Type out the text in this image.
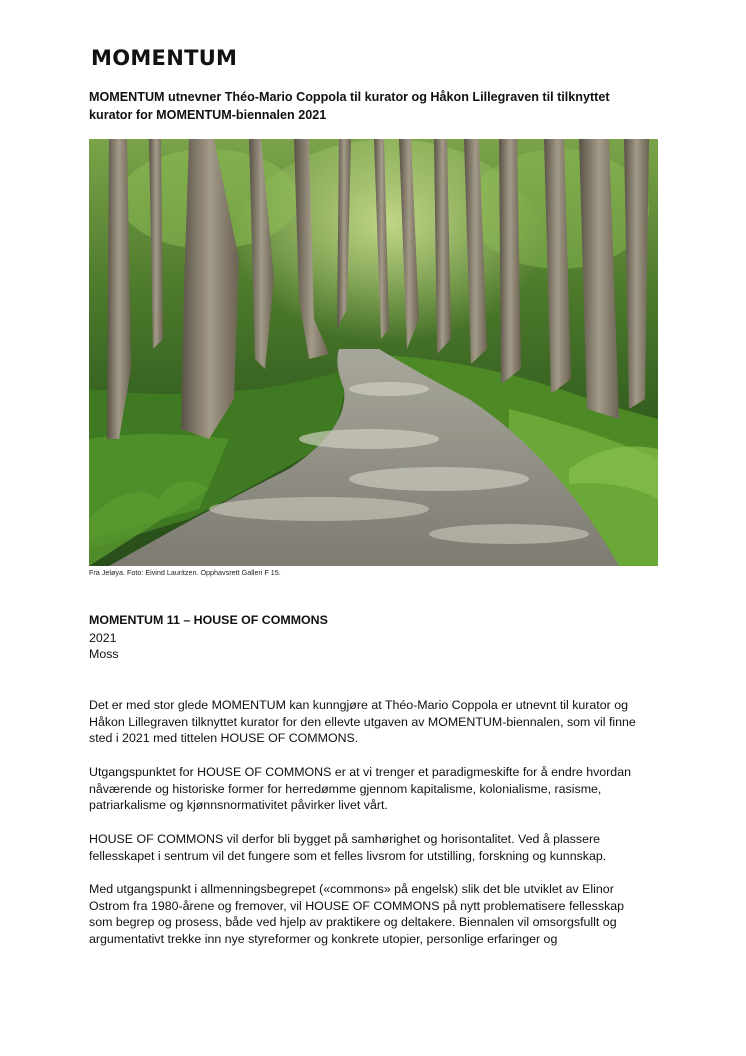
MOMENTUM
MOMENTUM utnevner Théo-Mario Coppola til kurator og Håkon Lillegraven til tilknyttet kurator for MOMENTUM-biennalen 2021
Fra Jeløya. Foto: Eivind Lauritzen. Opphavsrett Galleri F 15.
MOMENTUM 11 – HOUSE OF COMMONS
2021
Moss

Det er med stor glede MOMENTUM kan kunngjøre at Théo-Mario Coppola er utnevnt til kurator og Håkon Lillegraven tilknyttet kurator for den ellevte utgaven av MOMENTUM-biennalen, som vil finne sted i 2021 med tittelen HOUSE OF COMMONS.

Utgangspunktet for HOUSE OF COMMONS er at vi trenger et paradigmeskifte for å endre hvordan nåværende og historiske former for herredømme gjennom kapitalisme, kolonialisme, rasisme, patriarkalisme og kjønnsnormativitet påvirker livet vårt.

HOUSE OF COMMONS vil derfor bli bygget på samhørighet og horisontalitet. Ved å plassere fellesskapet i sentrum vil det fungere som et felles livsrom for utstilling, forskning og kunnskap.

Med utgangspunkt i allmenningsbegrepet («commons» på engelsk) slik det ble utviklet av Elinor Ostrom fra 1980-årene og fremover, vil HOUSE OF COMMONS på nytt problematisere fellesskap som begrep og prosess, både ved hjelp av praktikere og deltakere. Biennalen vil omsorgsfullt og argumentativt trekke inn nye styreformer og konkrete utopier, personlige erfaringer og
